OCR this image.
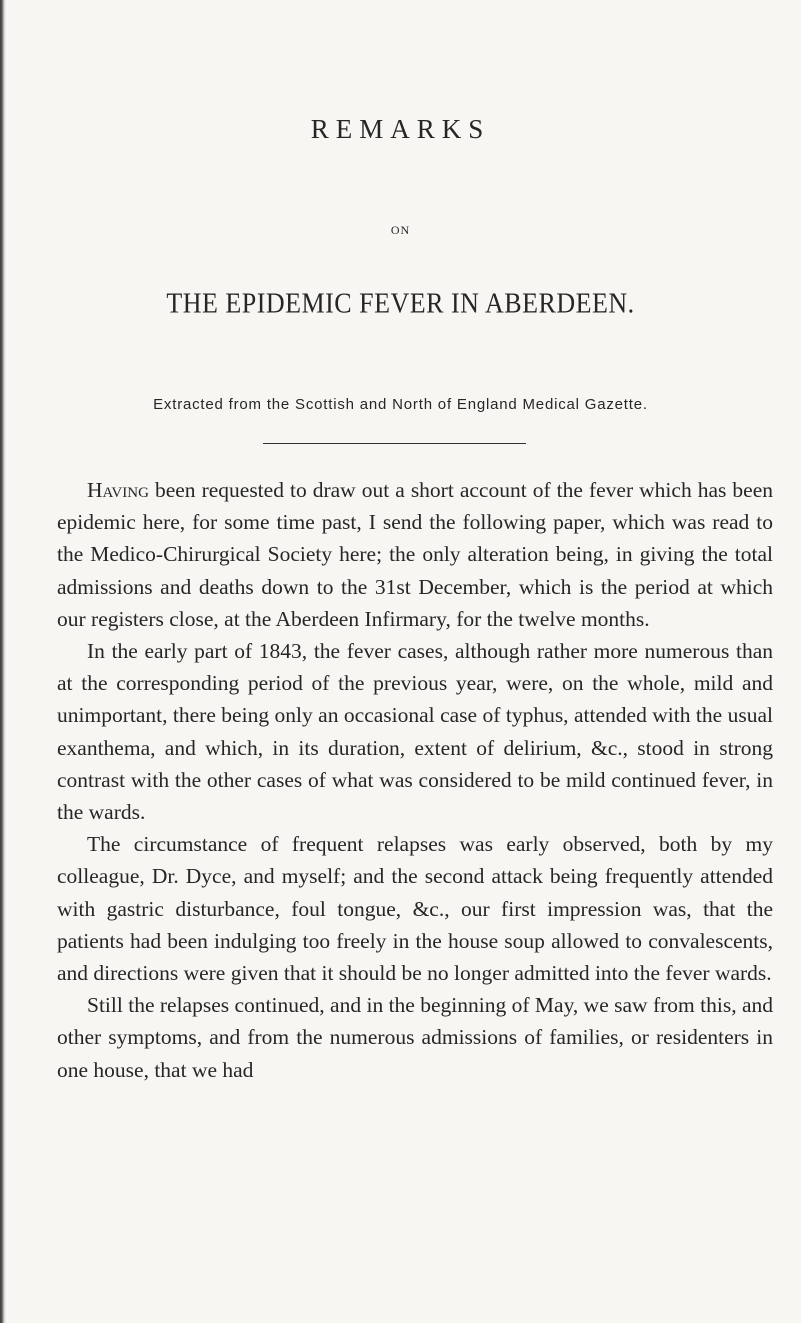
REMARKS
ON
THE EPIDEMIC FEVER IN ABERDEEN.
Extracted from the Scottish and North of England Medical Gazette.

Having been requested to draw out a short account of the fever which has been epidemic here, for some time past, I send the following paper, which was read to the Medico-Chirurgical Society here; the only alteration being, in giving the total admissions and deaths down to the 31st December, which is the period at which our registers close, at the Aberdeen Infirmary, for the twelve months.

In the early part of 1843, the fever cases, although rather more numerous than at the corresponding period of the previous year, were, on the whole, mild and unimportant, there being only an occasional case of typhus, attended with the usual exanthema, and which, in its duration, extent of delirium, &c., stood in strong contrast with the other cases of what was considered to be mild continued fever, in the wards.

The circumstance of frequent relapses was early observed, both by my colleague, Dr. Dyce, and myself; and the second attack being frequently attended with gastric disturbance, foul tongue, &c., our first impression was, that the patients had been indulging too freely in the house soup allowed to convalescents, and directions were given that it should be no longer admitted into the fever wards.

Still the relapses continued, and in the beginning of May, we saw from this, and other symptoms, and from the numerous admissions of families, or residenters in one house, that we had
